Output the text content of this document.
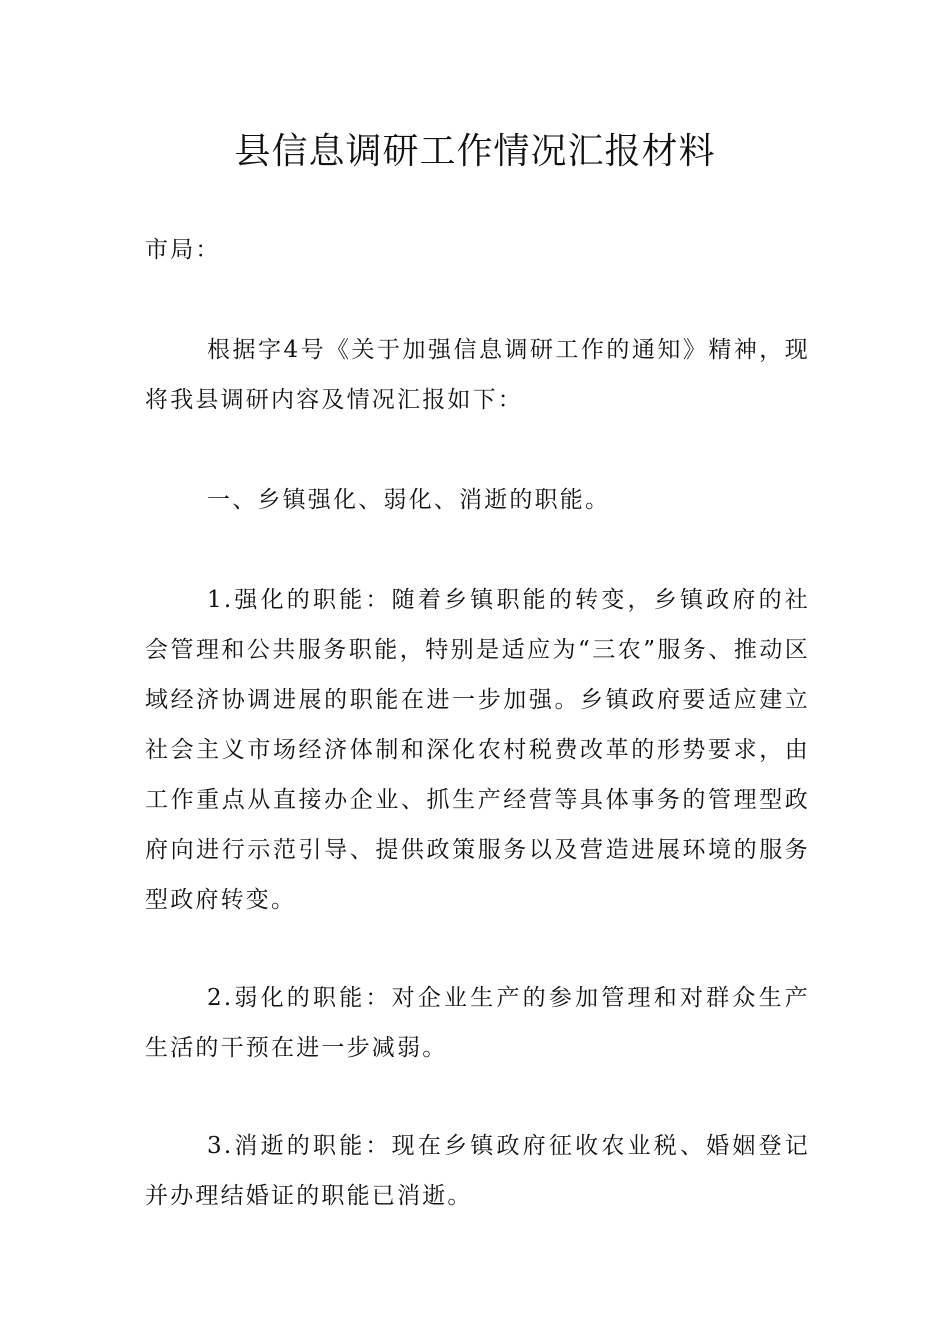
县信息调研工作情况汇报材料

市局：

根据字4号《关于加强信息调研工作的通知》精神，现将我县调研内容及情况汇报如下：

一、乡镇强化、弱化、消逝的职能。

1.强化的职能：随着乡镇职能的转变，乡镇政府的社会管理和公共服务职能，特别是适应为“三农”服务、推动区域经济协调进展的职能在进一步加强。乡镇政府要适应建立社会主义市场经济体制和深化农村税费改革的形势要求，由工作重点从直接办企业、抓生产经营等具体事务的管理型政府向进行示范引导、提供政策服务以及营造进展环境的服务型政府转变。

2.弱化的职能：对企业生产的参加管理和对群众生产生活的干预在进一步减弱。

3.消逝的职能：现在乡镇政府征收农业税、婚姻登记并办理结婚证的职能已消逝。
